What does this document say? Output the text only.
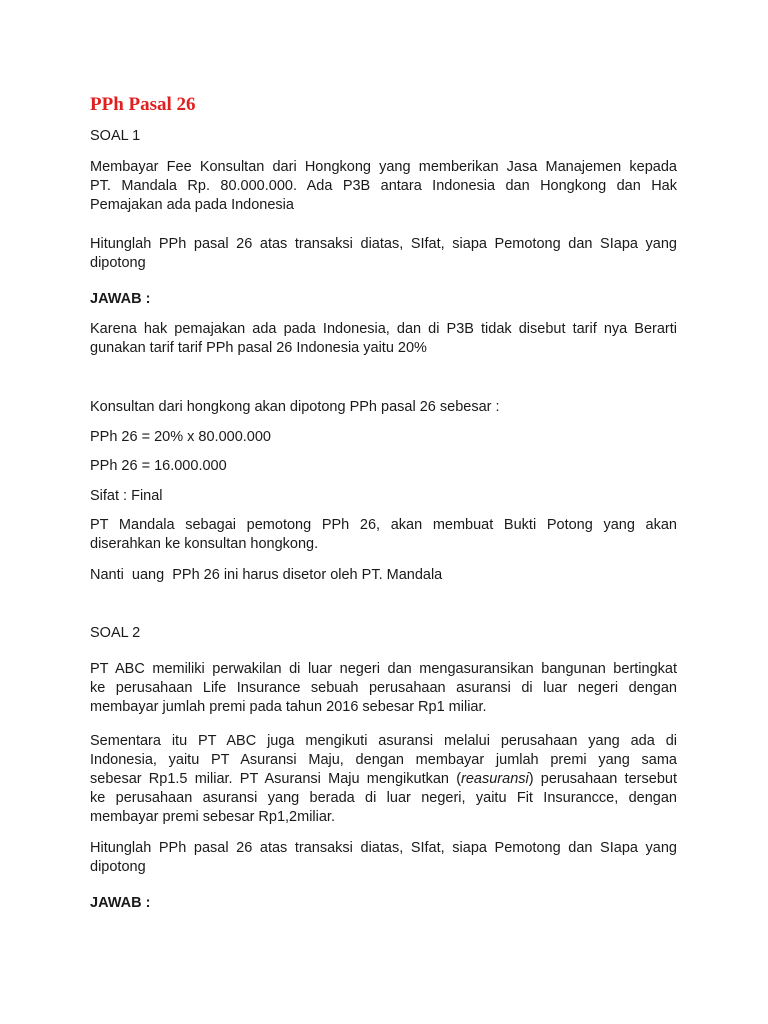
PPh Pasal 26

SOAL 1

Membayar Fee Konsultan dari Hongkong yang memberikan Jasa Manajemen kepada
PT. Mandala Rp. 80.000.000. Ada P3B antara Indonesia dan Hongkong dan Hak
Pemajakan ada pada Indonesia

Hitunglah PPh pasal 26 atas transaksi diatas, SIfat, siapa Pemotong dan SIapa yang
dipotong

JAWAB :

Karena hak pemajakan ada pada Indonesia, dan di P3B tidak disebut tarif nya Berarti
gunakan tarif tarif PPh pasal 26 Indonesia yaitu 20%

Konsultan dari hongkong akan dipotong PPh pasal 26 sebesar :

PPh 26 = 20% x 80.000.000

PPh 26 = 16.000.000

Sifat : Final

PT Mandala sebagai pemotong PPh 26, akan membuat Bukti Potong yang akan
diserahkan ke konsultan hongkong.

Nanti  uang  PPh 26 ini harus disetor oleh PT. Mandala

SOAL 2

PT ABC memiliki perwakilan di luar negeri dan mengasuransikan bangunan bertingkat
ke perusahaan Life Insurance sebuah perusahaan asuransi di luar negeri dengan
membayar jumlah premi pada tahun 2016 sebesar Rp1 miliar.

Sementara itu PT ABC juga mengikuti asuransi melalui perusahaan yang ada di
Indonesia, yaitu PT Asuransi Maju, dengan membayar jumlah premi yang sama
sebesar Rp1.5 miliar. PT Asuransi Maju mengikutkan (reasuransi) perusahaan tersebut
ke perusahaan asuransi yang berada di luar negeri, yaitu Fit Insurancce, dengan
membayar premi sebesar Rp1,2miliar.

Hitunglah PPh pasal 26 atas transaksi diatas, SIfat, siapa Pemotong dan SIapa yang
dipotong

JAWAB :
